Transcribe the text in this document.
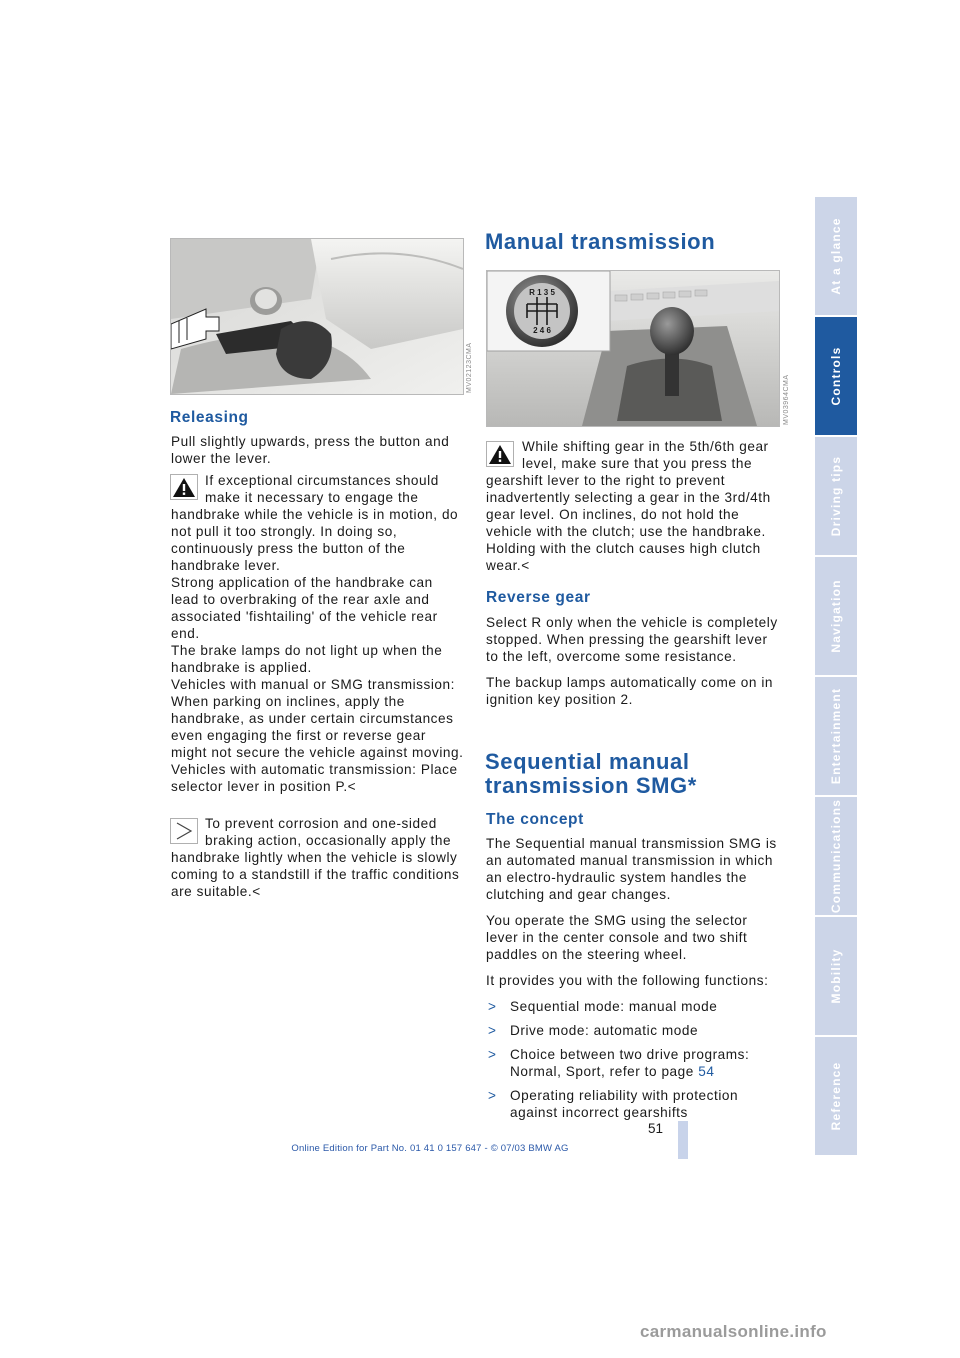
MV02123CMA
Releasing

Pull slightly upwards, press the button and lower the lever.

If exceptional circumstances should make it necessary to engage the handbrake while the vehicle is in motion, do not pull it too strongly. In doing so, continuously press the button of the handbrake lever.
Strong application of the handbrake can lead to overbraking of the rear axle and associated 'fishtailing' of the vehicle rear end.
The brake lamps do not light up when the handbrake is applied.
Vehicles with manual or SMG transmission: When parking on inclines, apply the handbrake, as under certain circumstances even engaging the first or reverse gear might not secure the vehicle against moving.
Vehicles with automatic transmission: Place selector lever in position P.<
To prevent corrosion and one-sided braking action, occasionally apply the handbrake lightly when the vehicle is slowly coming to a standstill if the traffic conditions are suitable.<
Manual transmission
R 1 3 5
2 4 6
MV03964CMA
While shifting gear in the 5th/6th gear level, make sure that you press the gearshift lever to the right to prevent inadvertently selecting a gear in the 3rd/4th gear level. On inclines, do not hold the vehicle with the clutch; use the handbrake. Holding with the clutch causes high clutch wear.<
Reverse gear

Select R only when the vehicle is completely stopped. When pressing the gearshift lever to the left, overcome some resistance.

The backup lamps automatically come on in ignition key position 2.

Sequential manual
transmission SMG*
The concept

The Sequential manual transmission SMG is an automated manual transmission in which an electro-hydraulic system handles the clutching and gear changes.

You operate the SMG using the selector lever in the center console and two shift paddles on the steering wheel.

It provides you with the following functions:

> Sequential mode: manual mode
> Drive mode: automatic mode
> Choice between two drive programs: Normal, Sport, refer to page 54
> Operating reliability with protection against incorrect gearshifts
At a glance
Controls
Driving tips
Navigation
Entertainment
Communications
Mobility
Reference
51
Online Edition for Part No. 01 41 0 157 647 - © 07/03 BMW AG
carmanualsonline.info
